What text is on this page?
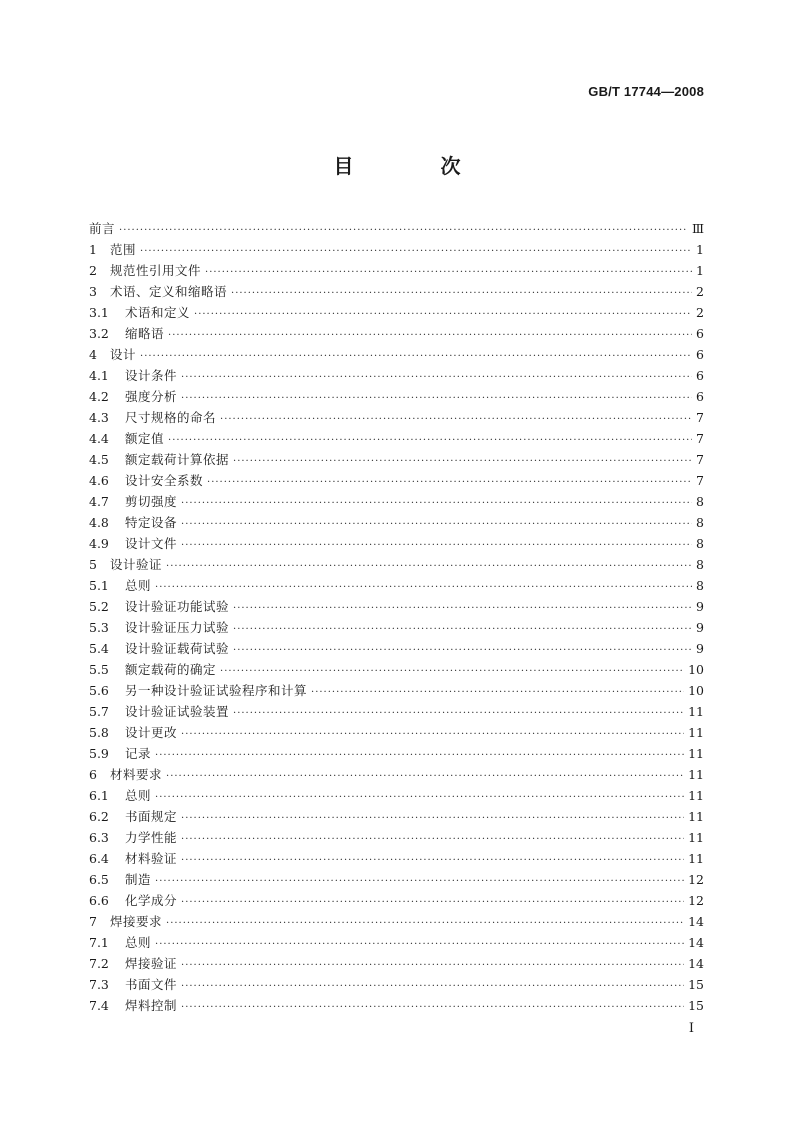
GB/T 17744—2008
目 次
前言 ·····	Ⅲ
1	范围 ·····	1
2	规范性引用文件 ·····	1
3	术语、定义和缩略语 ·····	2
3.1	术语和定义 ·····	2
3.2	缩略语 ·····	6
4	设计 ·····	6
4.1	设计条件 ·····	6
4.2	强度分析 ·····	6
4.3	尺寸规格的命名 ·····	7
4.4	额定值 ·····	7
4.5	额定载荷计算依据 ·····	7
4.6	设计安全系数 ·····	7
4.7	剪切强度 ·····	8
4.8	特定设备 ·····	8
4.9	设计文件 ·····	8
5	设计验证 ·····	8
5.1	总则 ·····	8
5.2	设计验证功能试验 ·····	9
5.3	设计验证压力试验 ·····	9
5.4	设计验证载荷试验 ·····	9
5.5	额定载荷的确定 ·····	10
5.6	另一种设计验证试验程序和计算 ·····	10
5.7	设计验证试验装置 ·····	11
5.8	设计更改 ·····	11
5.9	记录 ·····	11
6	材料要求 ·····	11
6.1	总则 ·····	11
6.2	书面规定 ·····	11
6.3	力学性能 ·····	11
6.4	材料验证 ·····	11
6.5	制造 ·····	12
6.6	化学成分 ·····	12
7	焊接要求 ·····	14
7.1	总则 ·····	14
7.2	焊接验证 ·····	14
7.3	书面文件 ·····	15
7.4	焊料控制 ·····	15
I
